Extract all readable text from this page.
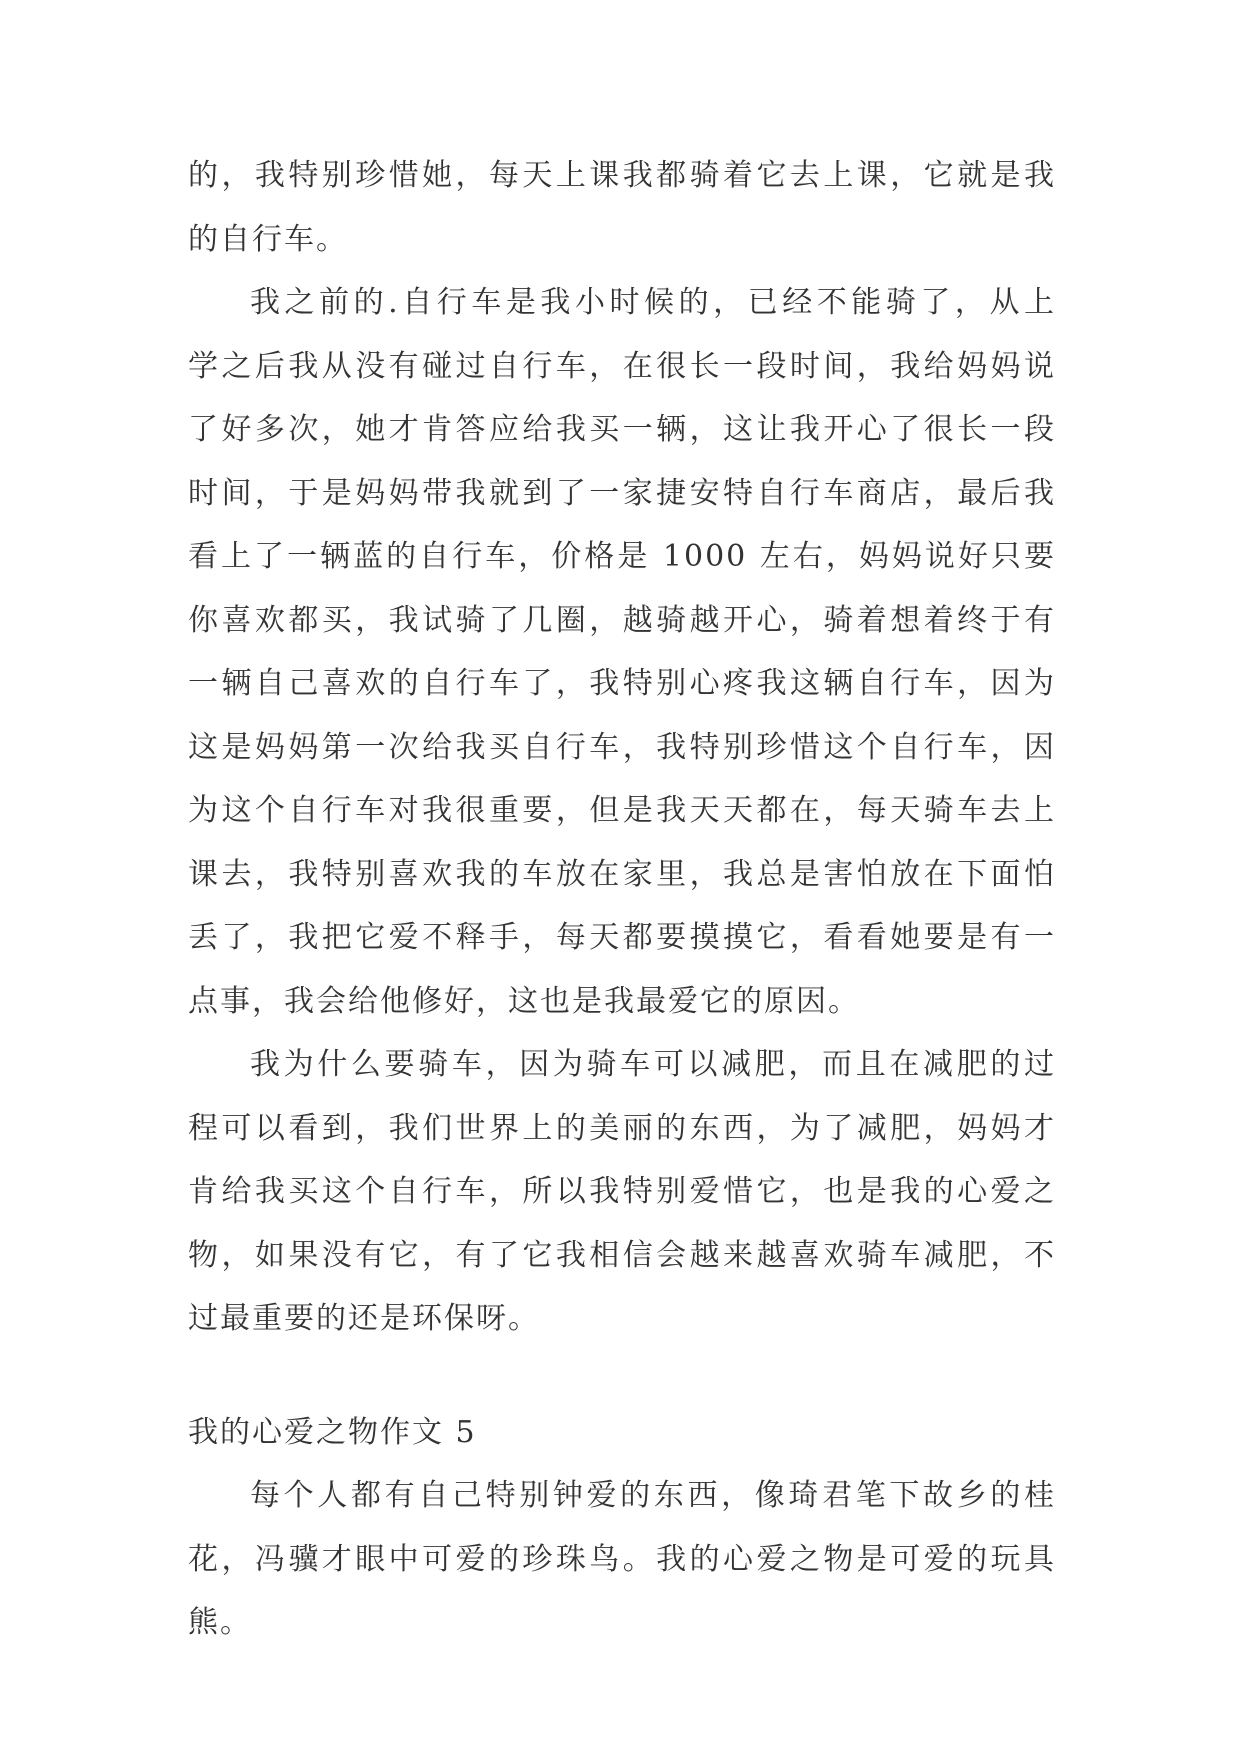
的，我特别珍惜她，每天上课我都骑着它去上课，它就是我
的自行车。
我之前的.自行车是我小时候的，已经不能骑了，从上
学之后我从没有碰过自行车，在很长一段时间，我给妈妈说
了好多次，她才肯答应给我买一辆，这让我开心了很长一段
时间，于是妈妈带我就到了一家捷安特自行车商店，最后我
看上了一辆蓝的自行车，价格是 1000 左右，妈妈说好只要
你喜欢都买，我试骑了几圈，越骑越开心，骑着想着终于有
一辆自己喜欢的自行车了，我特别心疼我这辆自行车，因为
这是妈妈第一次给我买自行车，我特别珍惜这个自行车，因
为这个自行车对我很重要，但是我天天都在，每天骑车去上
课去，我特别喜欢我的车放在家里，我总是害怕放在下面怕
丢了，我把它爱不释手，每天都要摸摸它，看看她要是有一
点事，我会给他修好，这也是我最爱它的原因。
我为什么要骑车，因为骑车可以减肥，而且在减肥的过
程可以看到，我们世界上的美丽的东西，为了减肥，妈妈才
肯给我买这个自行车，所以我特别爱惜它，也是我的心爱之
物，如果没有它，有了它我相信会越来越喜欢骑车减肥，不
过最重要的还是环保呀。
我的心爱之物作文 5
每个人都有自己特别钟爱的东西，像琦君笔下故乡的桂
花，冯骥才眼中可爱的珍珠鸟。我的心爱之物是可爱的玩具
熊。
